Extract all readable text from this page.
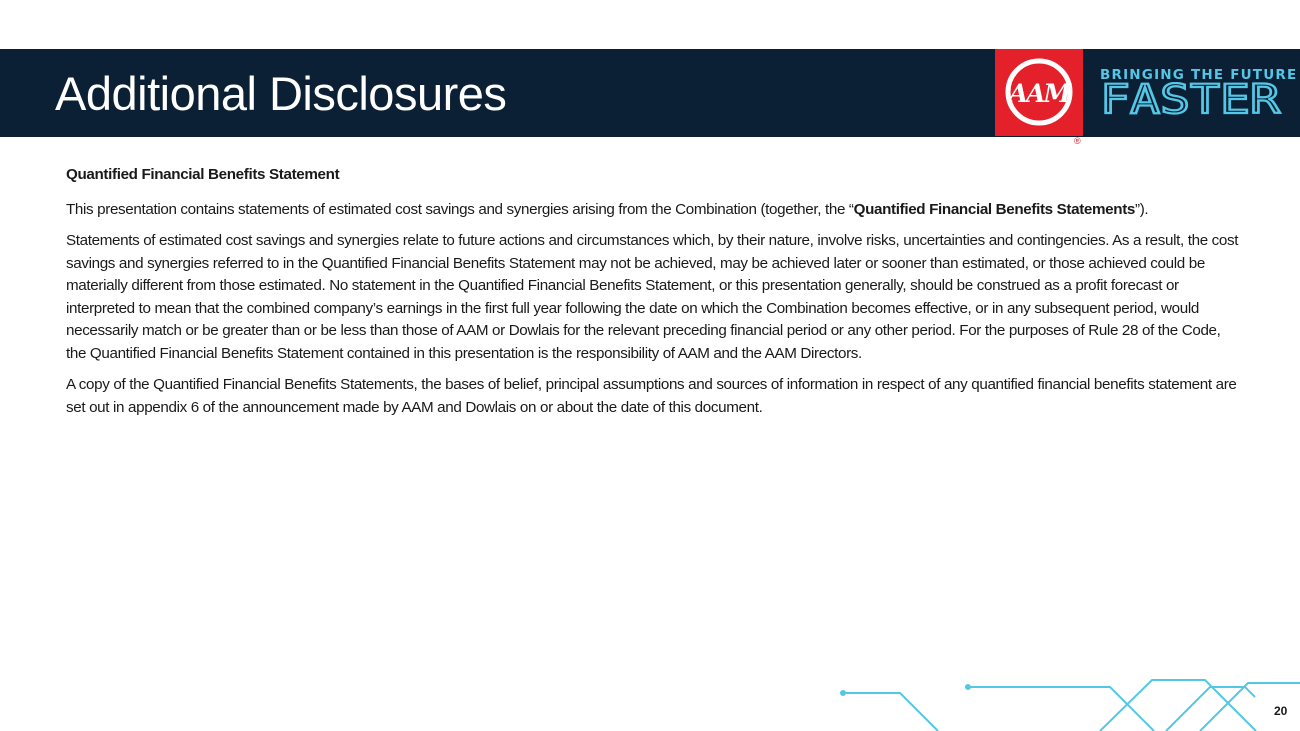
Additional Disclosures	AAM
®
BRINGING THE FUTURE
FASTER

Quantified Financial Benefits Statement

This presentation contains statements of estimated cost savings and synergies arising from the Combination (together, the “Quantified Financial Benefits Statements”).

Statements of estimated cost savings and synergies relate to future actions and circumstances which, by their nature, involve risks, uncertainties and contingencies. As a result, the cost savings and synergies referred to in the Quantified Financial Benefits Statement may not be achieved, may be achieved later or sooner than estimated, or those achieved could be materially different from those estimated. No statement in the Quantified Financial Benefits Statement, or this presentation generally, should be construed as a profit forecast or interpreted to mean that the combined company’s earnings in the first full year following the date on which the Combination becomes effective, or in any subsequent period, would necessarily match or be greater than or be less than those of AAM or Dowlais for the relevant preceding financial period or any other period. For the purposes of Rule 28 of the Code, the Quantified Financial Benefits Statement contained in this presentation is the responsibility of AAM and the AAM Directors.

A copy of the Quantified Financial Benefits Statements, the bases of belief, principal assumptions and sources of information in respect of any quantified financial benefits statement are set out in appendix 6 of the announcement made by AAM and Dowlais on or about the date of this document.

20
